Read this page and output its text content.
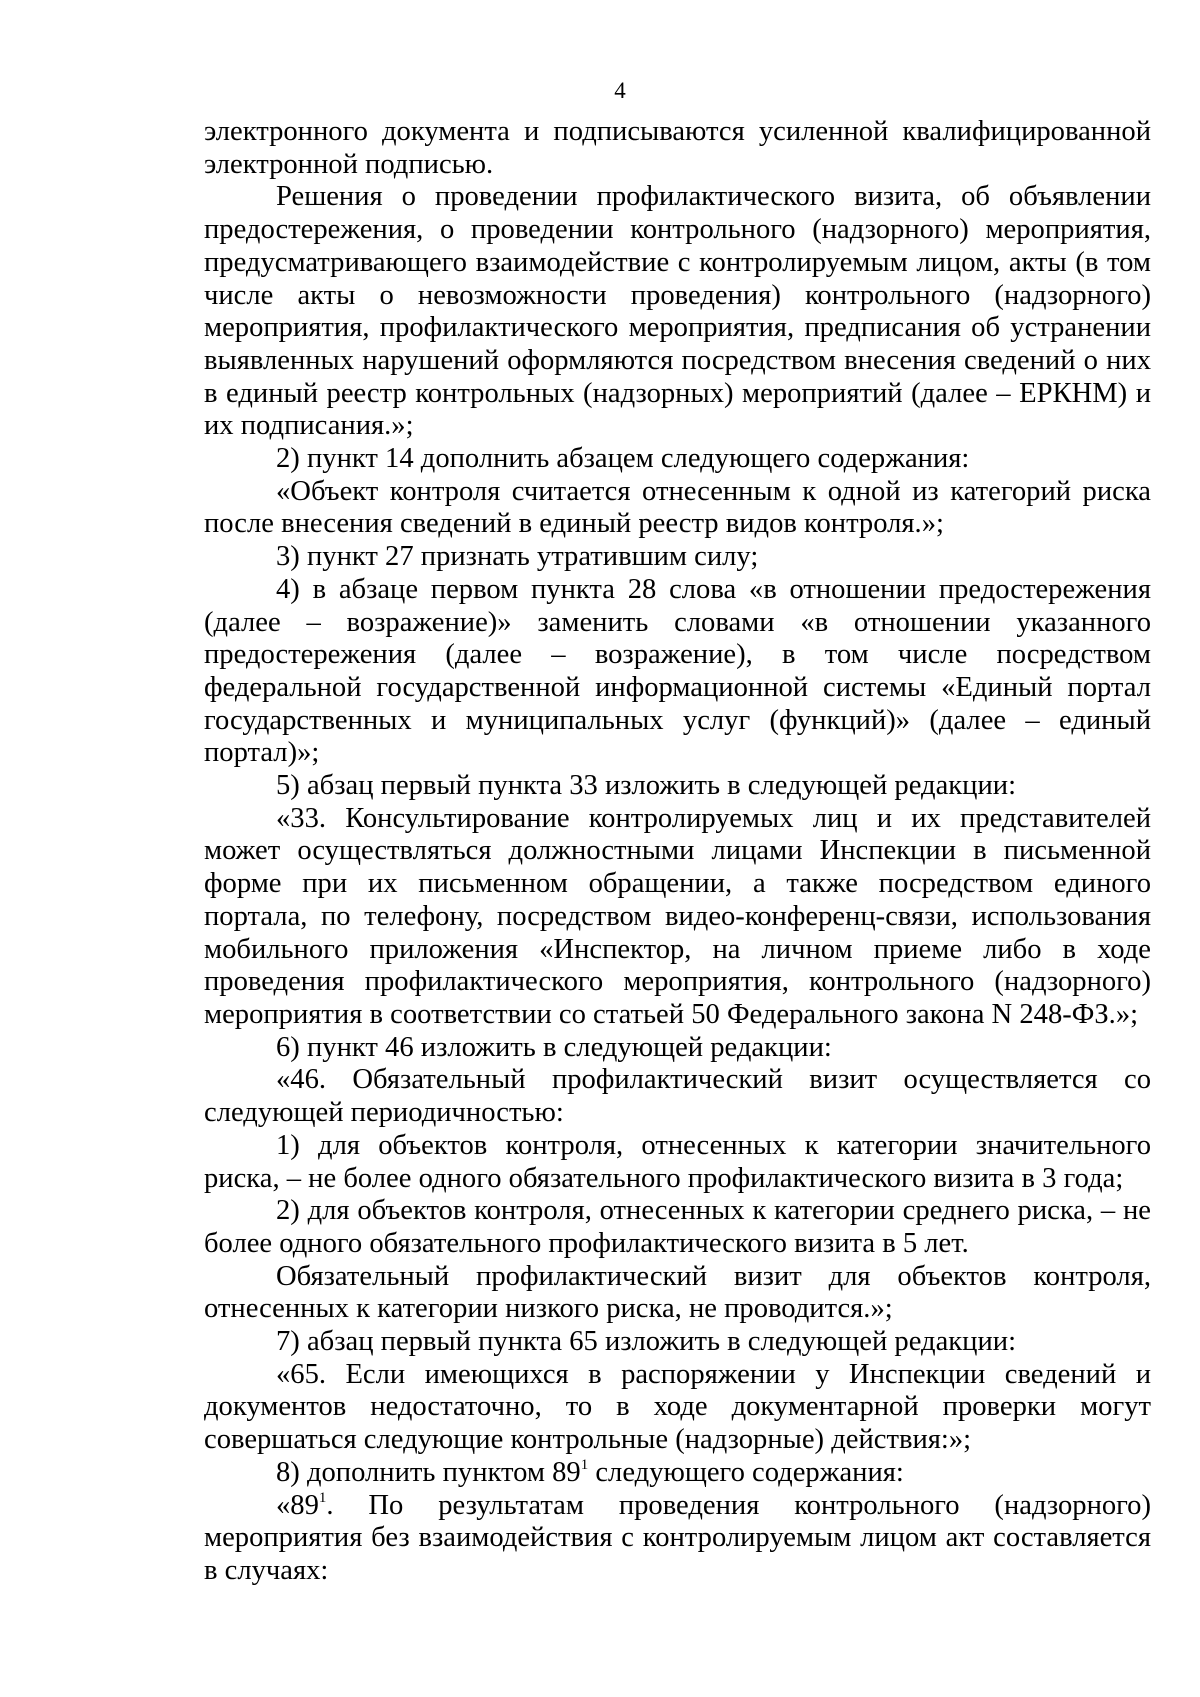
4

электронного документа и подписываются усиленной квалифицированной электронной подписью.

Решения о проведении профилактического визита, об объявлении предостережения, о проведении контрольного (надзорного) мероприятия, предусматривающего взаимодействие с контролируемым лицом, акты (в том числе акты о невозможности проведения) контрольного (надзорного) мероприятия, профилактического мероприятия, предписания об устранении выявленных нарушений оформляются посредством внесения сведений о них в единый реестр контрольных (надзорных) мероприятий (далее – ЕРКНМ) и их подписания.»;

2) пункт 14 дополнить абзацем следующего содержания:

«Объект контроля считается отнесенным к одной из категорий риска после внесения сведений в единый реестр видов контроля.»;

3) пункт 27 признать утратившим силу;

4) в абзаце первом пункта 28 слова «в отношении предостережения (далее – возражение)» заменить словами «в отношении указанного предостережения (далее – возражение), в том числе посредством федеральной государственной информационной системы «Единый портал государственных и муниципальных услуг (функций)» (далее – единый портал)»;

5) абзац первый пункта 33 изложить в следующей редакции:

«33. Консультирование контролируемых лиц и их представителей может осуществляться должностными лицами Инспекции в письменной форме при их письменном обращении, а также посредством единого портала, по телефону, посредством видео-конференц-связи, использования мобильного приложения «Инспектор, на личном приеме либо в ходе проведения профилактического мероприятия, контрольного (надзорного) мероприятия в соответствии со статьей 50 Федерального закона N 248-ФЗ.»;

6) пункт 46 изложить в следующей редакции:

«46. Обязательный профилактический визит осуществляется со следующей периодичностью:

1) для объектов контроля, отнесенных к категории значительного риска, – не более одного обязательного профилактического визита в 3 года;

2) для объектов контроля, отнесенных к категории среднего риска, – не более одного обязательного профилактического визита в 5 лет.

Обязательный профилактический визит для объектов контроля, отнесенных к категории низкого риска, не проводится.»;

7) абзац первый пункта 65 изложить в следующей редакции:

«65. Если имеющихся в распоряжении у Инспекции сведений и документов недостаточно, то в ходе документарной проверки могут совершаться следующие контрольные (надзорные) действия:»;

8) дополнить пунктом $89^1$ следующего содержания:

«$89^1$. По результатам проведения контрольного (надзорного) мероприятия без взаимодействия с контролируемым лицом акт составляется в случаях:
